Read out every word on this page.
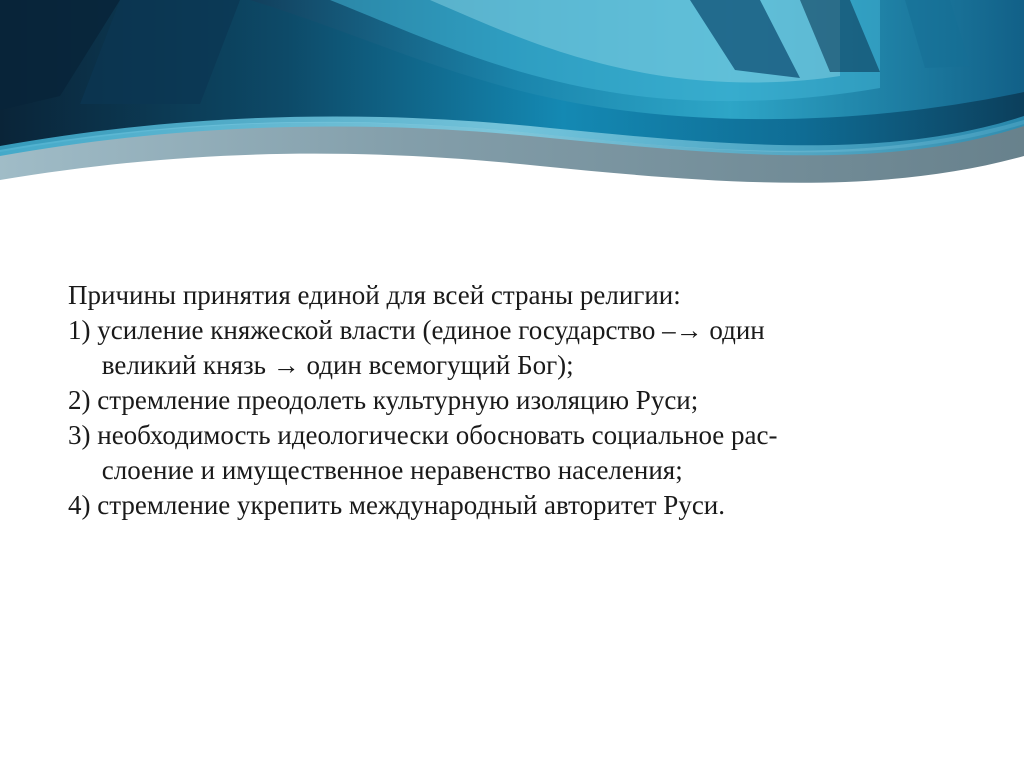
Причины принятия единой для всей страны религии:

1) усиление княжеской власти (единое государство –→ один

великий князь → один всемогущий Бог);

2) стремление преодолеть культурную изоляцию Руси;

3) необходимость идеологически обосновать социальное рас-

слоение и имущественное неравенство населения;

4) стремление укрепить международный авторитет Руси.
